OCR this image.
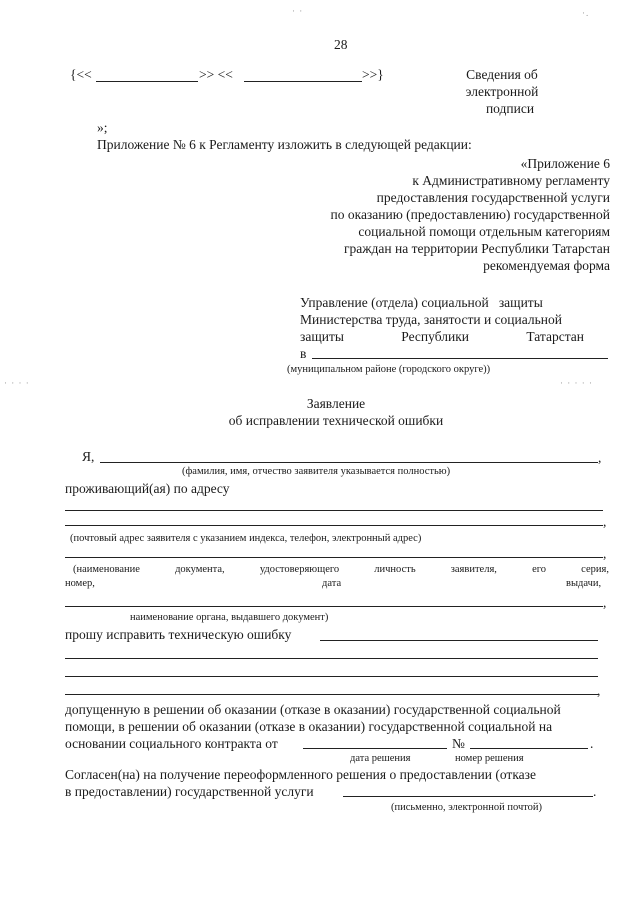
· ·	·.
· · · ·	· · · · ·
28
{<<	>> <<	>>}	Сведения об
электронной
подписи
»;
Приложение № 6 к Регламенту изложить в следующей редакции:
«Приложение 6
к Административному регламенту
предоставления государственной услуги
по оказанию (предоставлению) государственной
социальной помощи отдельным категориям
граждан на территории Республики Татарстан
рекомендуемая форма
Управление (отдела) социальной   защиты
Министерства труда, занятости и социальной
защиты	Республики	Татарстан
в
(муниципальном районе (городского округе))
Заявление
об исправлении технической ошибки
Я,	,
(фамилия, имя, отчество заявителя указывается полностью)
проживающий(ая) по адресу
,
(почтовый адрес заявителя с указанием индекса, телефон, электронный адрес)
,
(наименование	документа,	удостоверяющего	личность	заявителя,	его	серия,
номер,	дата	выдачи,
,
наименование органа, выдавшего документ)
прошу исправить техническую ошибку
,
допущенную в решении об оказании (отказе в оказании) государственной социальной
помощи, в решении об оказании (отказе в оказании) государственной социальной на
основании социального контракта от	№	.
дата решения	номер решения
Согласен(на) на получение переоформленного решения о предоставлении (отказе
в предоставлении) государственной услуги	.
(письменно, электронной почтой)
